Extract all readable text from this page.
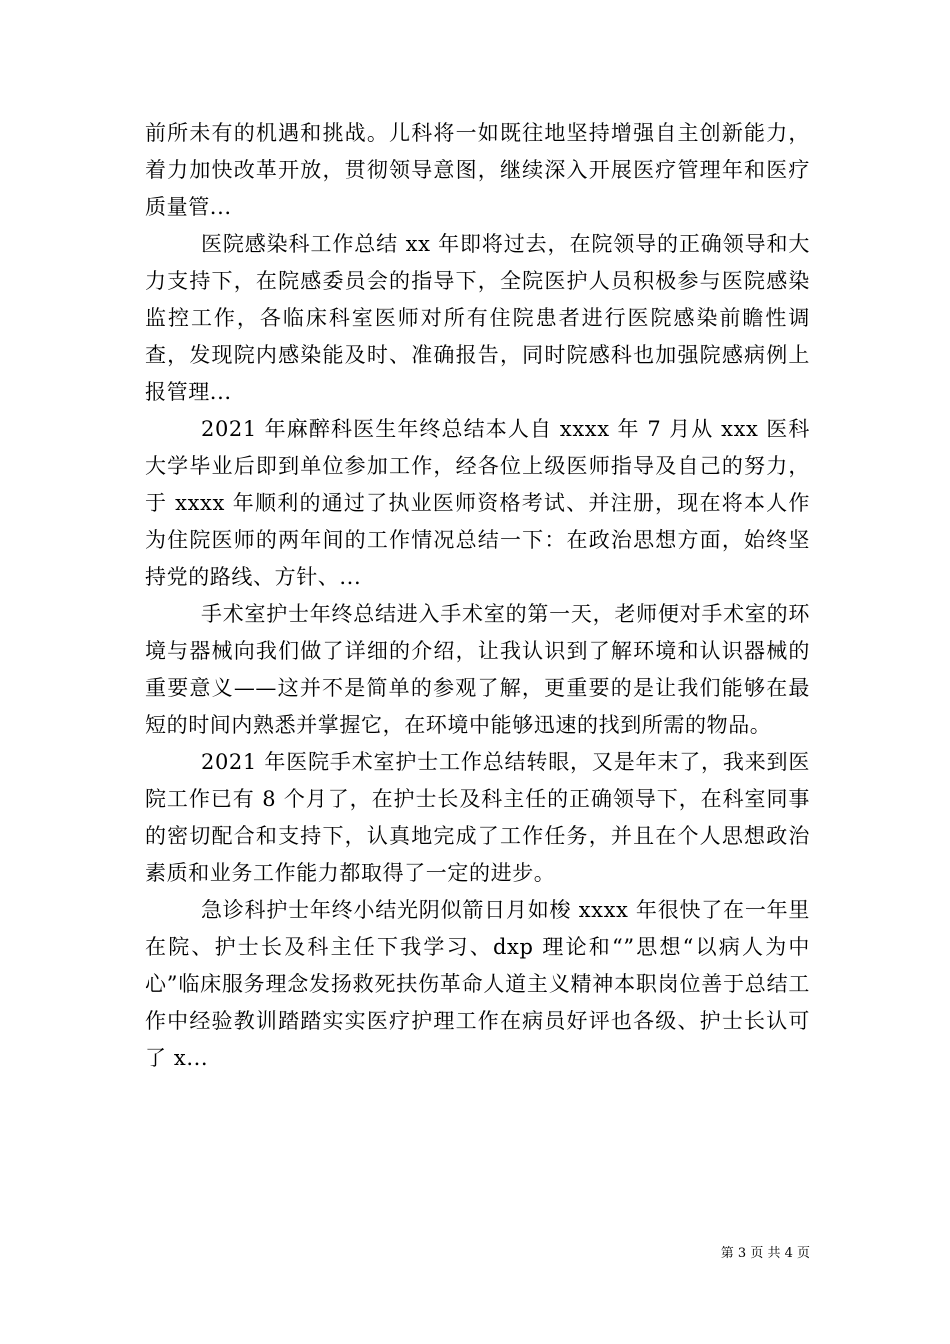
前所未有的机遇和挑战。儿科将一如既往地坚持增强自主创新能力，着力加快改革开放，贯彻领导意图，继续深入开展医疗管理年和医疗质量管...

医院感染科工作总结 xx 年即将过去，在院领导的正确领导和大力支持下，在院感委员会的指导下，全院医护人员积极参与医院感染监控工作，各临床科室医师对所有住院患者进行医院感染前瞻性调查，发现院内感染能及时、准确报告，同时院感科也加强院感病例上报管理...

2021 年麻醉科医生年终总结本人自 xxxx 年 7 月从 xxx 医科大学毕业后即到单位参加工作，经各位上级医师指导及自己的努力，于 xxxx 年顺利的通过了执业医师资格考试、并注册，现在将本人作为住院医师的两年间的工作情况总结一下：在政治思想方面，始终坚持党的路线、方针、...

手术室护士年终总结进入手术室的第一天，老师便对手术室的环境与器械向我们做了详细的介绍，让我认识到了解环境和认识器械的重要意义——这并不是简单的参观了解，更重要的是让我们能够在最短的时间内熟悉并掌握它，在环境中能够迅速的找到所需的物品。

2021 年医院手术室护士工作总结转眼，又是年末了，我来到医院工作已有 8 个月了，在护士长及科主任的正确领导下，在科室同事的密切配合和支持下，认真地完成了工作任务，并且在个人思想政治素质和业务工作能力都取得了一定的进步。

急诊科护士年终小结光阴似箭日月如梭 xxxx 年很快了在一年里在院、护士长及科主任下我学习、dxp 理论和“”思想“以病人为中心”临床服务理念发扬救死扶伤革命人道主义精神本职岗位善于总结工作中经验教训踏踏实实医疗护理工作在病员好评也各级、护士长认可了 x...

第 3 页 共 4 页
